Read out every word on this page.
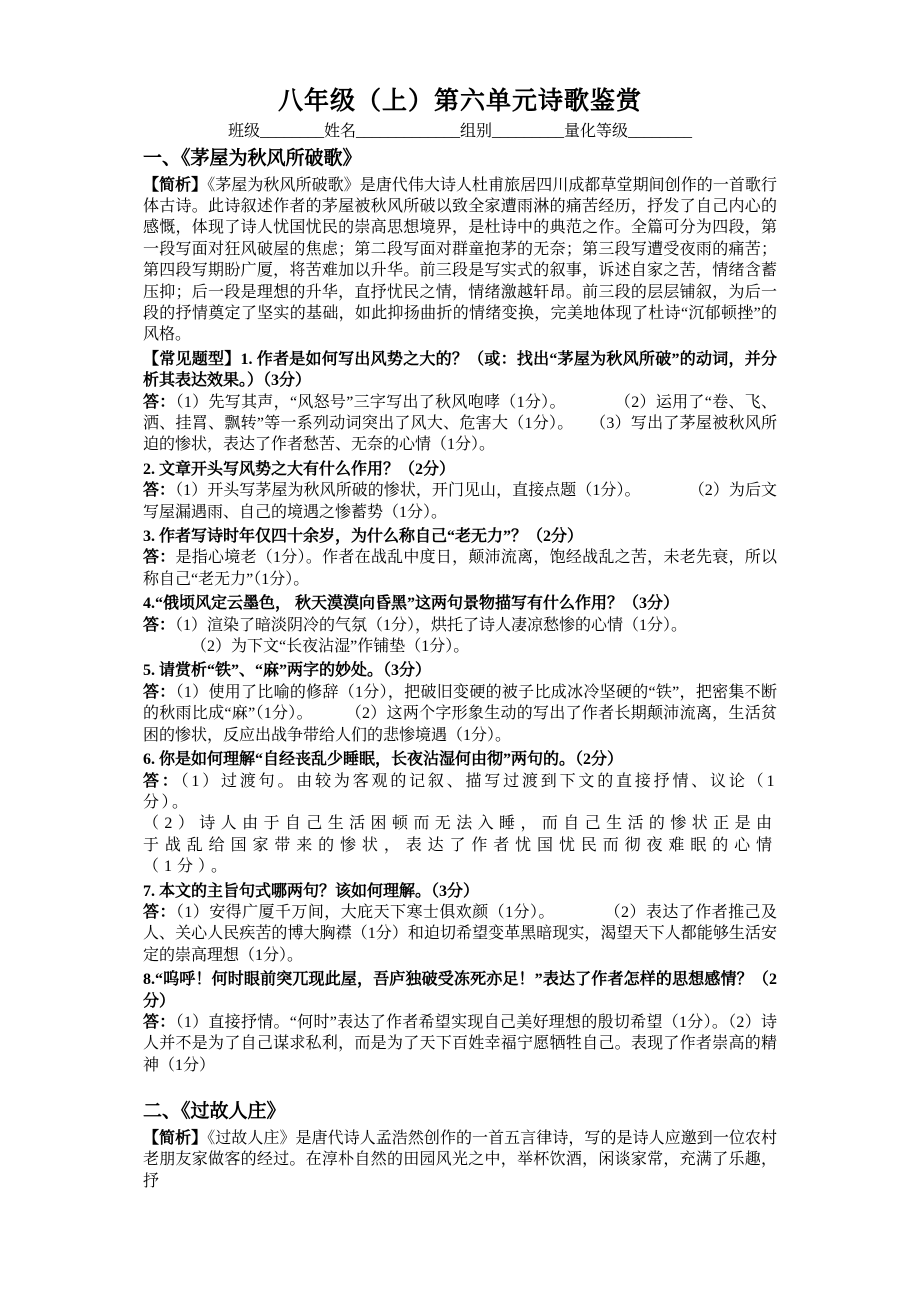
八年级（上）第六单元诗歌鉴赏
班级________姓名_____________组别_________量化等级________

一、《茅屋为秋风所破歌》

【简析】《茅屋为秋风所破歌》是唐代伟大诗人杜甫旅居四川成都草堂期间创作的一首歌行体古诗。此诗叙述作者的茅屋被秋风所破以致全家遭雨淋的痛苦经历，抒发了自己内心的感慨，体现了诗人忧国忧民的崇高思想境界，是杜诗中的典范之作。全篇可分为四段，第一段写面对狂风破屋的焦虑；第二段写面对群童抱茅的无奈；第三段写遭受夜雨的痛苦；第四段写期盼广厦，将苦难加以升华。前三段是写实式的叙事，诉述自家之苦，情绪含蓄压抑；后一段是理想的升华，直抒忧民之情，情绪激越轩昂。前三段的层层铺叙，为后一段的抒情奠定了坚实的基础，如此抑扬曲折的情绪变换，完美地体现了杜诗“沉郁顿挫”的风格。

【常见题型】1. 作者是如何写出风势之大的？（或：找出“茅屋为秋风所破”的动词，并分析其表达效果。）（3分）

答：（1）先写其声，“风怒号”三字写出了秋风咆哮（1分）。　　　　（2）运用了“卷、飞、洒、挂罥、飘转”等一系列动词突出了风大、危害大（1分）。　　（3）写出了茅屋被秋风所迫的惨状，表达了作者愁苦、无奈的心情（1分）。

2. 文章开头写风势之大有什么作用？（2分）

答：（1）开头写茅屋为秋风所破的惨状，开门见山，直接点题（1分）。　　　　（2）为后文写屋漏遇雨、自己的境遇之惨蓄势（1分）。

3. 作者写诗时年仅四十余岁，为什么称自己“老无力”？（2分）

答：是指心境老（1分）。作者在战乱中度日，颠沛流离，饱经战乱之苦，未老先衰，所以称自己“老无力”（1分）。

4.“俄顷风定云墨色， 秋天漠漠向昏黑”这两句景物描写有什么作用？（3分）

答：（1）渲染了暗淡阴冷的气氛（1分），烘托了诗人凄凉愁惨的心情（1分）。

（2）为下文“长夜沾湿”作铺垫（1分）。

5. 请赏析“铁”、“麻”两字的妙处。（3分）

答：（1）使用了比喻的修辞（1分），把破旧变硬的被子比成冰冷坚硬的“铁”，把密集不断的秋雨比成“麻”（1分）。　　　（2）这两个字形象生动的写出了作者长期颠沛流离，生活贫困的惨状，反应出战争带给人们的悲惨境遇（1分）。

6. 你是如何理解“自经丧乱少睡眠，长夜沾湿何由彻”两句的。（2分）

答：（1）过渡句。由较为客观的记叙、描写过渡到下文的直接抒情、议论（1分）。

（2）诗人由于自己生活困顿而无法入睡，而自己生活的惨状正是由于战乱给国家带来的惨状，表达了作者忧国忧民而彻夜难眠的心情（1分）。

7. 本文的主旨句式哪两句？该如何理解。（3分）

答：（1）安得广厦千万间，大庇天下寒士俱欢颜（1分）。　　　　（2）表达了作者推己及人、关心人民疾苦的博大胸襟（1分）和迫切希望变革黑暗现实，渴望天下人都能够生活安定的崇高理想（1分）。

8.“呜呼！何时眼前突兀现此屋，吾庐独破受冻死亦足！”表达了作者怎样的思想感情？（2分）

答：（1）直接抒情。“何时”表达了作者希望实现自己美好理想的殷切希望（1分）。（2）诗人并不是为了自己谋求私利，而是为了天下百姓幸福宁愿牺牲自己。表现了作者崇高的精神（1分）

二、《过故人庄》

【简析】《过故人庄》是唐代诗人孟浩然创作的一首五言律诗，写的是诗人应邀到一位农村老朋友家做客的经过。在淳朴自然的田园风光之中，举杯饮酒，闲谈家常，充满了乐趣，抒
